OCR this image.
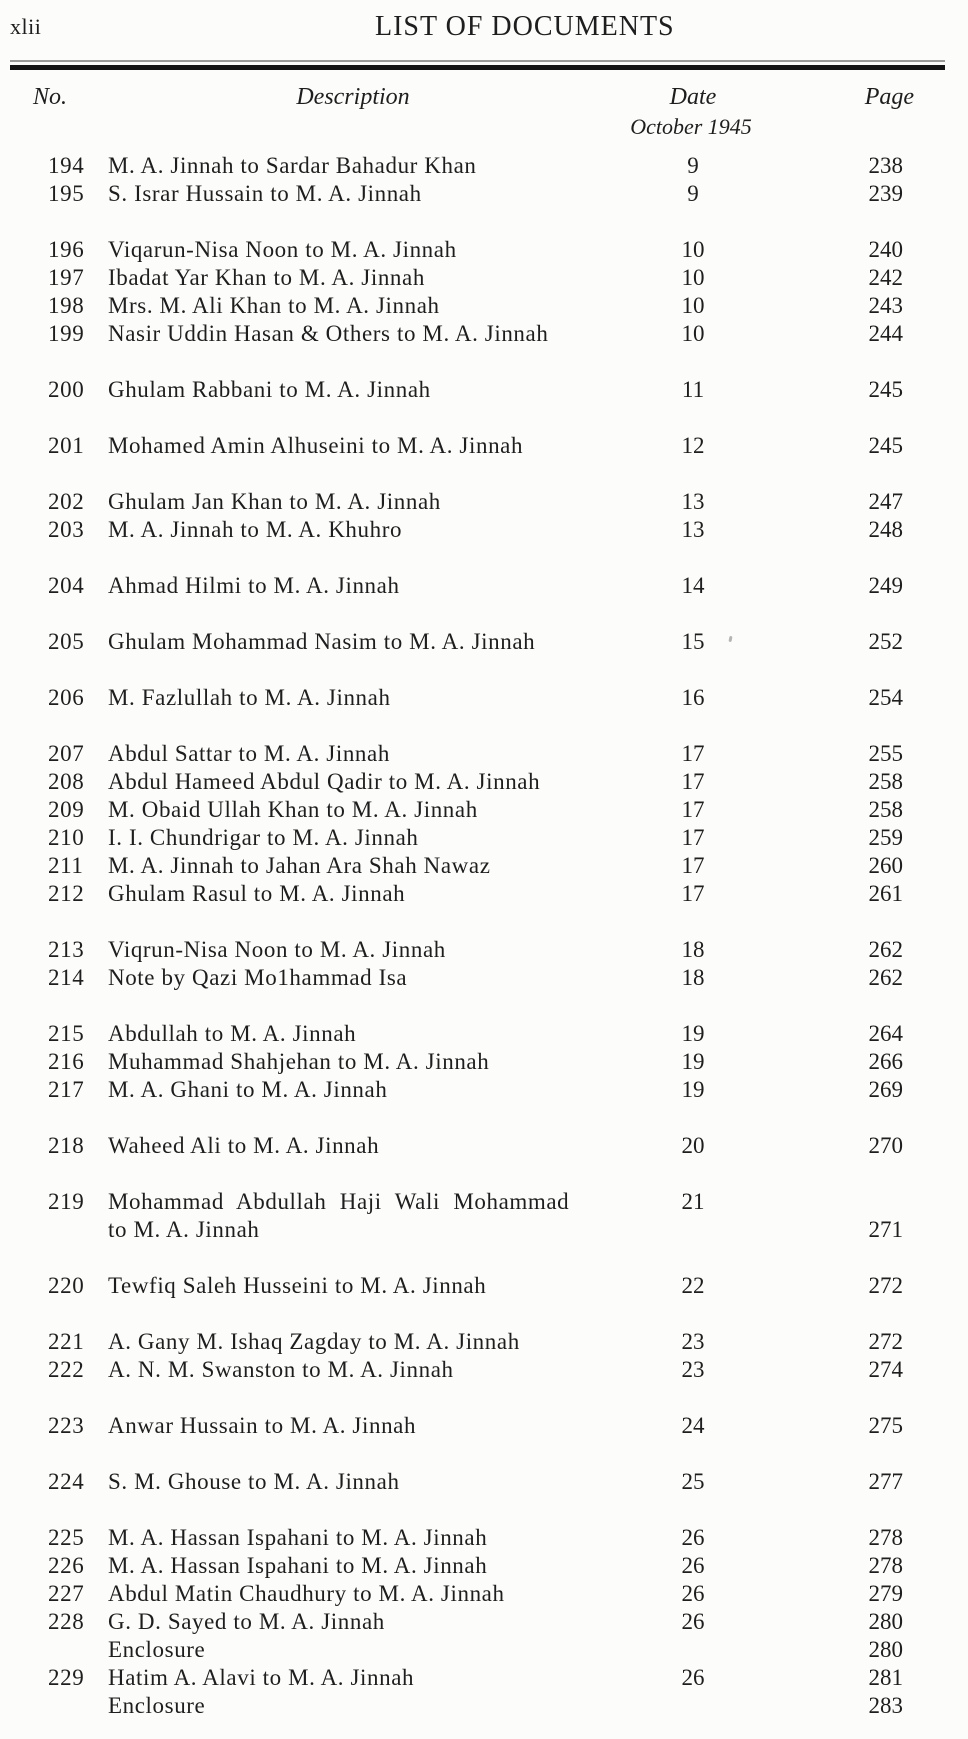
xlii	LIST OF DOCUMENTS
No.	Description	Date	Page
October 1945
194	M. A. Jinnah to Sardar Bahadur Khan	9	238
195	S. Israr Hussain to M. A. Jinnah	9	239
196	Viqarun-Nisa Noon to M. A. Jinnah	10	240
197	Ibadat Yar Khan to M. A. Jinnah	10	242
198	Mrs. M. Ali Khan to M. A. Jinnah	10	243
199	Nasir Uddin Hasan & Others to M. A. Jinnah	10	244
200	Ghulam Rabbani to M. A. Jinnah	11	245
201	Mohamed Amin Alhuseini to M. A. Jinnah	12	245
202	Ghulam Jan Khan to M. A. Jinnah	13	247
203	M. A. Jinnah to M. A. Khuhro	13	248
204	Ahmad Hilmi to M. A. Jinnah	14	249
205	Ghulam Mohammad Nasim to M. A. Jinnah	15	252
206	M. Fazlullah to M. A. Jinnah	16	254
207	Abdul Sattar to M. A. Jinnah	17	255
208	Abdul Hameed Abdul Qadir to M. A. Jinnah	17	258
209	M. Obaid Ullah Khan to M. A. Jinnah	17	258
210	I. I. Chundrigar to M. A. Jinnah	17	259
211	M. A. Jinnah to Jahan Ara Shah Nawaz	17	260
212	Ghulam Rasul to M. A. Jinnah	17	261
213	Viqrun-Nisa Noon to M. A. Jinnah	18	262
214	Note by Qazi Mo1hammad Isa	18	262
215	Abdullah to M. A. Jinnah	19	264
216	Muhammad Shahjehan to M. A. Jinnah	19	266
217	M. A. Ghani to M. A. Jinnah	19	269
218	Waheed Ali to M. A. Jinnah	20	270
219	Mohammad Abdullah Haji Wali Mohammad	21
to M. A. Jinnah	271
220	Tewfiq Saleh Husseini to M. A. Jinnah	22	272
221	A. Gany M. Ishaq Zagday to M. A. Jinnah	23	272
222	A. N. M. Swanston to M. A. Jinnah	23	274
223	Anwar Hussain to M. A. Jinnah	24	275
224	S. M. Ghouse to M. A. Jinnah	25	277
225	M. A. Hassan Ispahani to M. A. Jinnah	26	278
226	M. A. Hassan Ispahani to M. A. Jinnah	26	278
227	Abdul Matin Chaudhury to M. A. Jinnah	26	279
228	G. D. Sayed to M. A. Jinnah	26	280
Enclosure	280
229	Hatim A. Alavi to M. A. Jinnah	26	281
Enclosure	283
